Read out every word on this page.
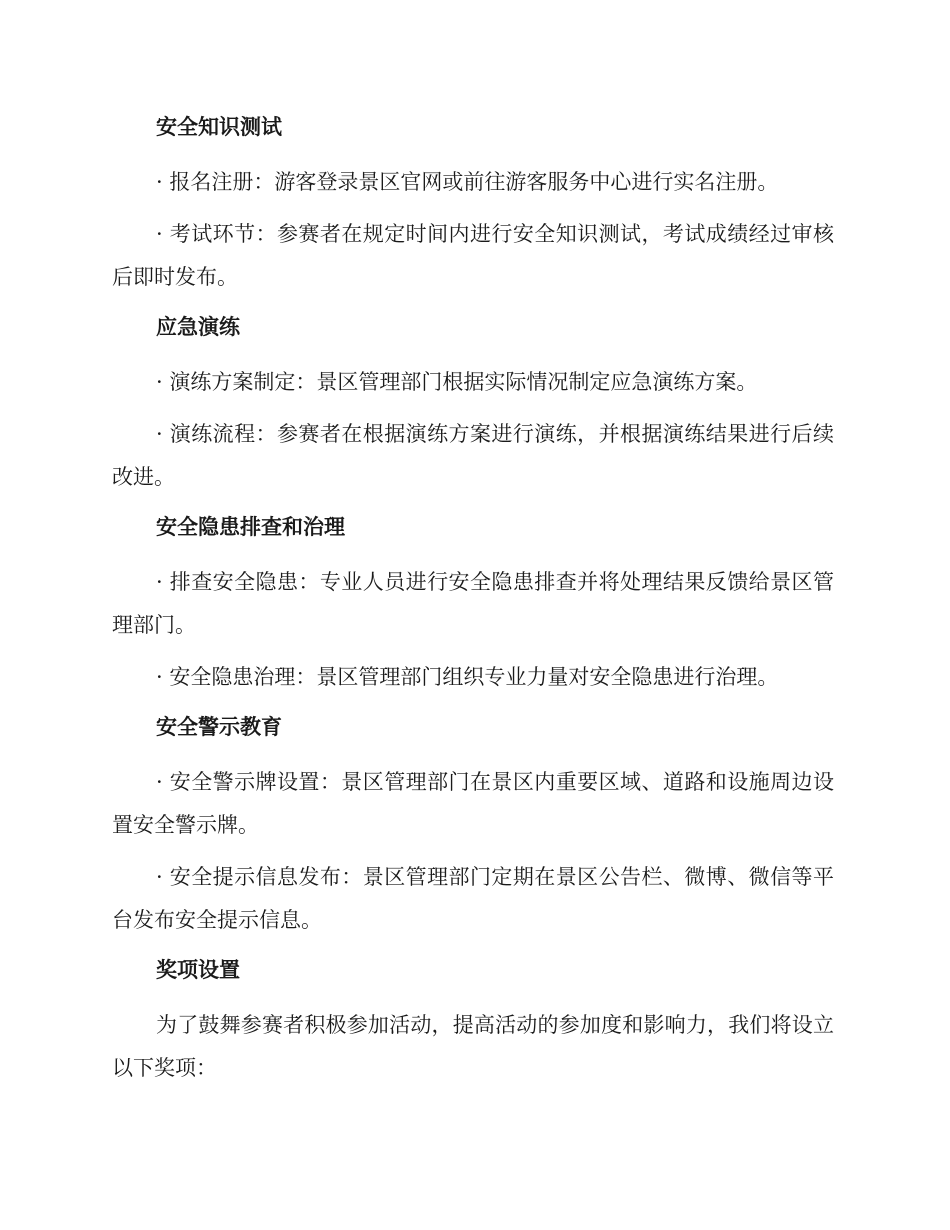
安全知识测试

· 报名注册：游客登录景区官网或前往游客服务中心进行实名注册。

· 考试环节：参赛者在规定时间内进行安全知识测试，考试成绩经过审核后即时发布。

应急演练

· 演练方案制定：景区管理部门根据实际情况制定应急演练方案。

· 演练流程：参赛者在根据演练方案进行演练，并根据演练结果进行后续改进。

安全隐患排查和治理

· 排查安全隐患：专业人员进行安全隐患排查并将处理结果反馈给景区管理部门。

· 安全隐患治理：景区管理部门组织专业力量对安全隐患进行治理。

安全警示教育

· 安全警示牌设置：景区管理部门在景区内重要区域、道路和设施周边设置安全警示牌。

· 安全提示信息发布：景区管理部门定期在景区公告栏、微博、微信等平台发布安全提示信息。

奖项设置

为了鼓舞参赛者积极参加活动，提高活动的参加度和影响力，我们将设立以下奖项：
